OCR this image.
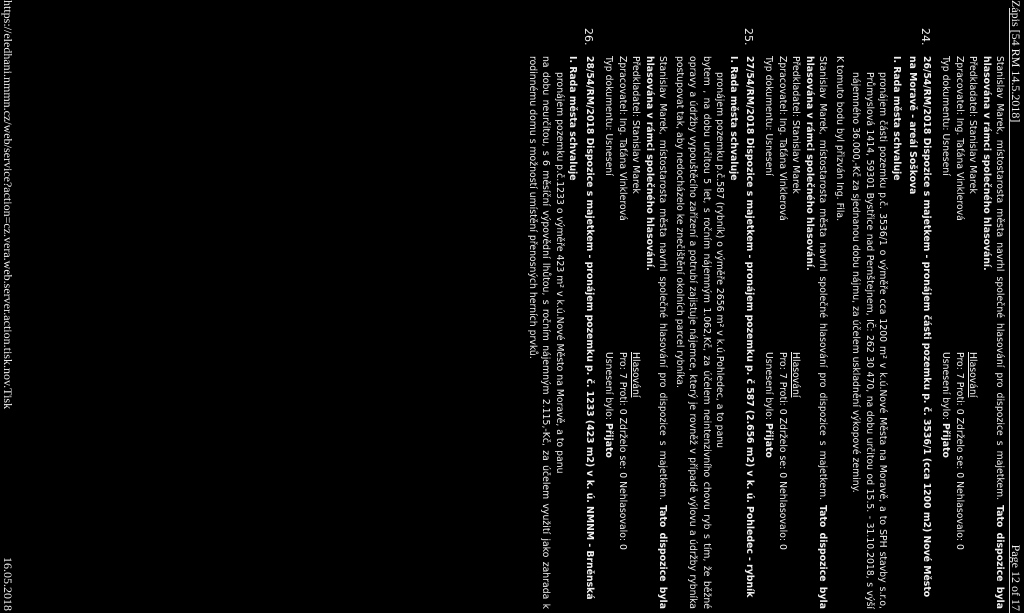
Zápis [54 RM 14.5.2018]
Page 12 of 17

Stanislav Marek, místostarosta města navrhl společné hlasování pro dispozice s majetkem. Tato dispozice byla hlasována v rámci společného hlasování.

Předkladatel: Stanislav Marek
Hlasování
Zpracovatel: Ing. Taťána Vinklerová
Pro: 7 Proti: 0 Zdrželo se: 0 Nehlasovalo: 0
Typ dokumentu: Usnesení
Usnesení bylo: Přijato
24.

26/54/RM/2018 Dispozice s majetkem - pronájem části pozemku p. č. 3536/1 (cca 1200 m2) Nové Město na Moravě - areál Soškova

I. Rada města schvaluje

pronájem části pozemku p.č. 3536/1 o výměře cca 1200 m² v k.ú.Nové Města na Moravě, a to SPH stavby s.r.o, Průmyslová 1414, 59301 Bystřice nad Pernštejnem, IČ: 262 30 470, na dobu určitou od 15.5. - 31.10.2018, s výší nájemného 36.000,-Kč za sjednanou dobu nájmu, za účelem uskladnění výkopové zeminy.

K tomuto bodu byl přizván Ing. Fila.

Stanislav Marek, místostarosta města navrhl společné hlasování pro dispozice s majetkem. Tato dispozice byla hlasována v rámci společného hlasování.

Předkladatel: Stanislav Marek
Hlasování
Zpracovatel: Ing. Taťána Vinklerová
Pro: 7 Proti: 0 Zdrželo se: 0 Nehlasovalo: 0
Typ dokumentu: Usnesení
Usnesení bylo: Přijato
25.

27/54/RM/2018 Dispozice s majetkem - pronájem pozemku p. č 587 (2.656 m2) v k. ú. Pohledec - rybník

I. Rada města schvaluje

pronájem pozemku p.č.587 (rybník) o výměře 2656 m² v k.ú.Pohledec, a to panu

bytem , na dobu určitou 5 let, s ročním nájemným 1.062,Kč, za účelem neintenzivního chovu ryb s tím, že běžné opravy a údržby vypouštěcího zařízení a potrubí zajistuje nájemce, který je rovněž v případě výlovu a údržby rybníka postupovat tak, aby nedocházelo ke znečištění okolních parcel rybníka.

Stanislav Marek, místostarosta města navrhl společné hlasování pro dispozice s majetkem. Tato dispozice byla hlasována v rámci společného hlasování.

Předkladatel: Stanislav Marek
Hlasování
Zpracovatel: Ing. Taťána Vinklerová
Pro: 7 Proti: 0 Zdrželo se: 0 Nehlasovalo: 0
Typ dokumentu: Usnesení
Usnesení bylo: Přijato
26.

28/54/RM/2018 Dispozice s majetkem - pronájem pozemku p. č. 1233 (423 m2) v k. ú. NMNM - Brněnská

I. Rada města schvaluje

pronájem pozemku p.č.1233 o výměře 423 m² v k.ú.Nové Město na Moravě, a to panu

na dobu neurčitou, s 6 měsíční výpovědní lhůtou, s ročním nájemným 2.115,-Kč, za účelem využití jako zahrada k rodinnému domu s možností umístění přenosných herních prvků.

https://eledhani.nmmn.cz/web/service?action=cz.vera.web.server.action.tisk.nov.Tisk
16.05.2018
